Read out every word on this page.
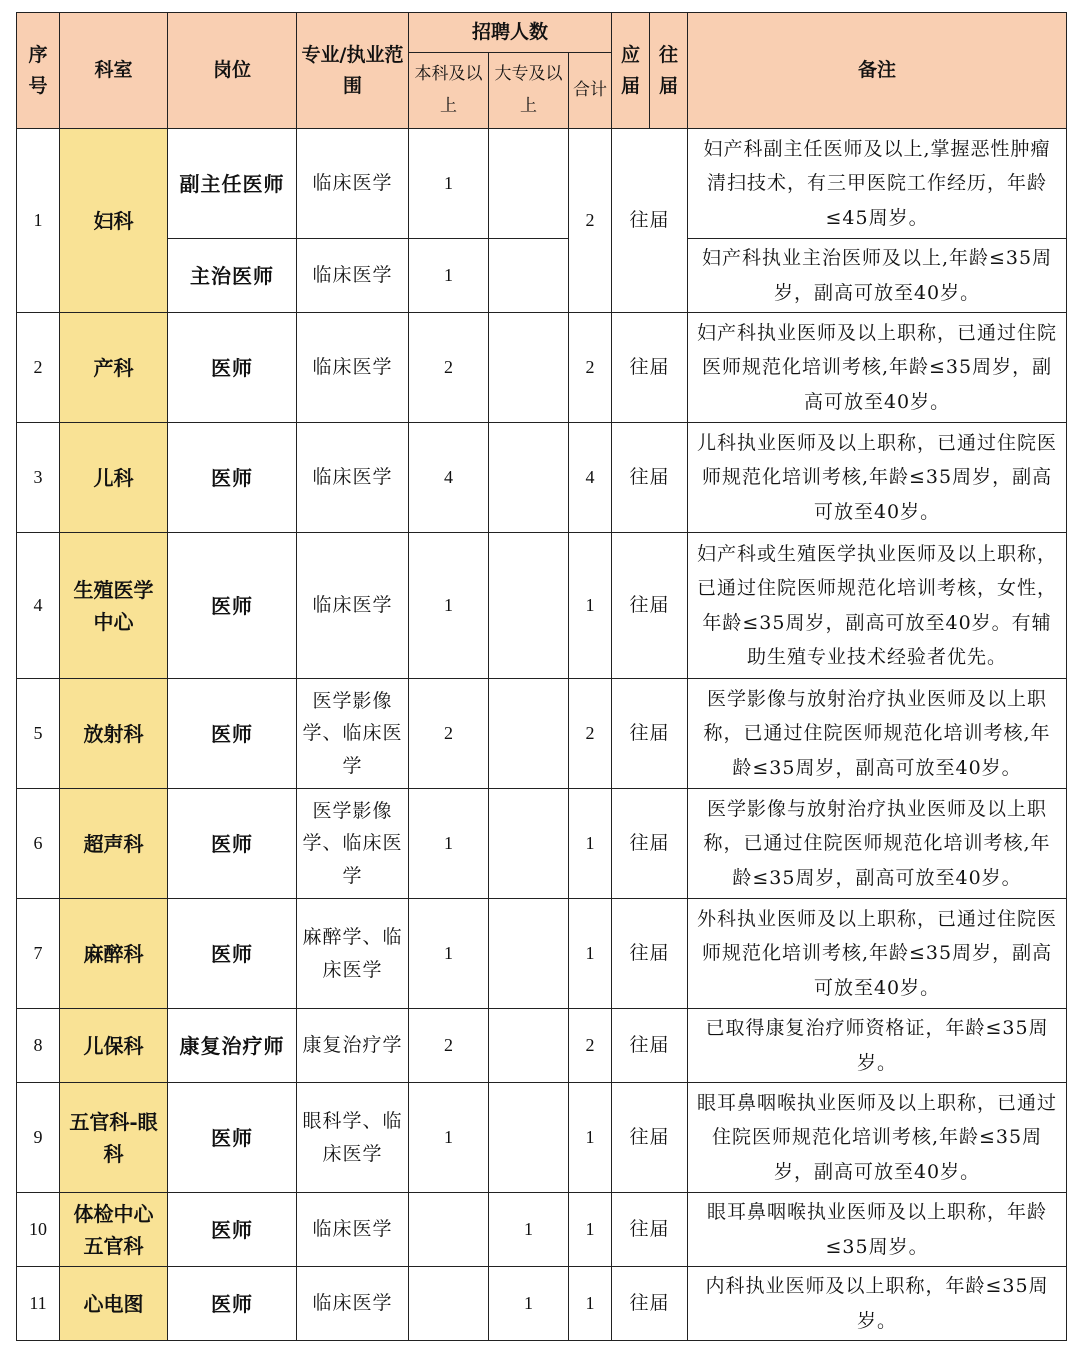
序号	科室	岗位	专业/执业范围	招聘人数			应届	往届	备注
				本科及以上	大专及以上	合计			
1	妇科	副主任医师	临床医学	1		2	往届		妇产科副主任医师及以上,掌握恶性肿瘤清扫技术，有三甲医院工作经历，年龄≤45周岁。
		主治医师	临床医学	1					妇产科执业主治医师及以上,年龄≤35周岁，副高可放至40岁。
2	产科	医师	临床医学	2		2	往届		妇产科执业医师及以上职称，已通过住院医师规范化培训考核,年龄≤35周岁，副高可放至40岁。
3	儿科	医师	临床医学	4		4	往届		儿科执业医师及以上职称，已通过住院医师规范化培训考核,年龄≤35周岁，副高可放至40岁。
4	生殖医学中心	医师	临床医学	1		1	往届		妇产科或生殖医学执业医师及以上职称，已通过住院医师规范化培训考核，女性，年龄≤35周岁，副高可放至40岁。有辅助生殖专业技术经验者优先。
5	放射科	医师	医学影像学、临床医学	2		2	往届		医学影像与放射治疗执业医师及以上职称，已通过住院医师规范化培训考核,年龄≤35周岁，副高可放至40岁。
6	超声科	医师	医学影像学、临床医学	1		1	往届		医学影像与放射治疗执业医师及以上职称，已通过住院医师规范化培训考核,年龄≤35周岁，副高可放至40岁。
7	麻醉科	医师	麻醉学、临床医学	1		1	往届		外科执业医师及以上职称，已通过住院医师规范化培训考核,年龄≤35周岁，副高可放至40岁。
8	儿保科	康复治疗师	康复治疗学	2		2	往届		已取得康复治疗师资格证，年龄≤35周岁。
9	五官科-眼科	医师	眼科学、临床医学	1		1	往届		眼耳鼻咽喉执业医师及以上职称，已通过住院医师规范化培训考核,年龄≤35周岁，副高可放至40岁。
10	体检中心五官科	医师	临床医学		1	1	往届		眼耳鼻咽喉执业医师及以上职称，年龄≤35周岁。
11	心电图	医师	临床医学		1	1	往届		内科执业医师及以上职称，年龄≤35周岁。
